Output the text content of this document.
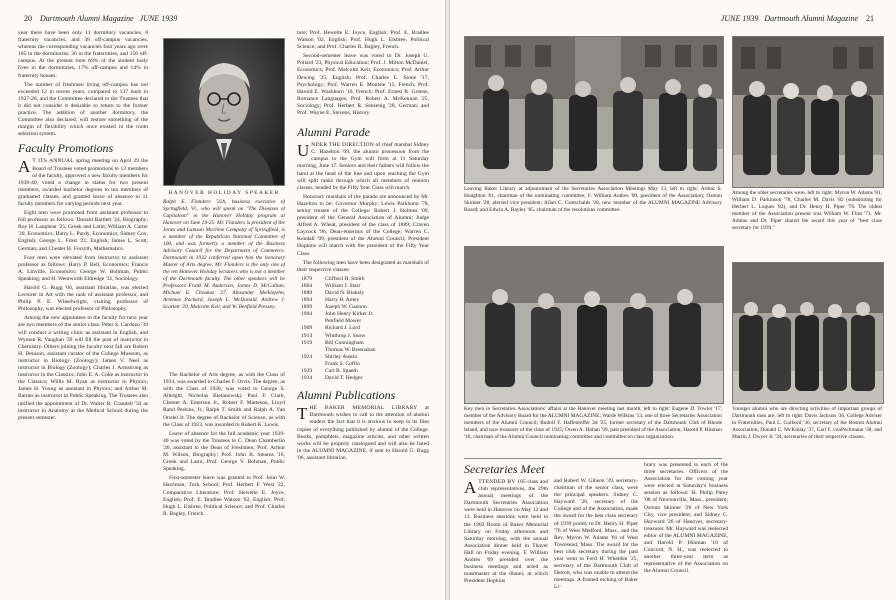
20 Dartmouth Alumni Magazine JUNE 1939

year there have been only 11 dormitory vacancies, 8 fraternity vacancies, and 38 off-campus vacancies, whereas the corresponding vacancies four years ago were 105 in the dormitories, 36 in the fraternities, and 156 off-campus. At the present time 69% of the student body lives in the dormitories, 17% off-campus and 14% in fraternity houses.

The number of freshmen living off-campus has not exceeded 12 in recent years, compared to 137 back in 1927-28, and the Committee declared to the Trustees that it did not consider it desirable to return to the former practice. The addition of another dormitory, the Committee also declared, will restore something of the margin of flexibility which once existed in the room selection system.

Faculty Promotions

A T ITS ANNUAL spring meeting on April 29 the Board of Trustees voted promotions to 12 members of the faculty, approved a new faculty members for 1939-40, voted a change in status for two present members, awarded bachelor degrees to ten members of graduated classes, and granted leave of absence to 11 faculty members for varying periods next year.

Eight men were promoted from assistant professor to full professor as follows: Donald Bartlett '24, Biography; Roy H. Lanphear '25, Greek and Latin; William A. Carter '20, Economics; Harry L. Purdy, Economics; Sidney Cox, English; George L. Frost '21, English; James L. Scott, German; and Chester H. Forsyth, Mathematics.

Four men were elevated from instructor to assistant professor as follows: Harry P. Bell, Economics; Francis A. Linville, Economics; George W. Bohman, Public Speaking; and H. Wentworth Eldredge '31, Sociology.

Harold G. Rugg '06, assistant librarian, was elected Lecturer in Art with the rank of assistant professor, and Philip P. E. Wheelwright, visiting professor of Philosophy, was elected professor of Philosophy.

Among the new appointees to the faculty for next year are two members of the senior class. Peter S. Cardozo '39 will conduct a writing clinic as assistant in English, and Wyman R. Vaughan '39 will fill the post of instructor in Chemistry. Others joining the faculty next fall are Robert H. Denison, assistant curator of the College Museum, as instructor in Biology (Zoology); James V. Neel as instructor in Biology (Zoology); Charles J. Armstrong as instructor in the Classics; John E. A. Coke as instructor in the Classics; Willis M. Ryan as instructor in Physics; James H. Young as assistant in Physics; and Arthur M. Barnes as instructor in Public Speaking. The Trustees also ratified the appointment of Dr. Walter B. Crandell '34 as instructor in Anatomy at the Medical School during the present semester.

HANOVER HOLIDAY SPEAKER
Ralph E. Flanders '32h, business executive of Springfield, Vt., who will speak on "The Diseases of Capitalism" in the Hanover Holiday program at Hanover on June 19-25. Mr. Flanders is president of the Jones and Lamson Machine Company of Springfield, is a member of the Republican National Committee of 100, and was formerly a member of the Business Advisory Council for the Department of Commerce. Dartmouth in 1932 conferred upon him the honorary Master of Arts degree. Mr. Flanders is the only one of the ten Hanover Holiday lecturers who is not a member of the Dartmouth faculty. The other speakers will be Professors Frank M. Anderson, James D. McCallum, Michael E. Choukas '27, Alexander Meiklejohn, Artemas Packard, Joseph L. McDonald, Andrew J. Scarlett '20, Malcolm Keir, and W. Benfield Pressey.

The Bachelor of Arts degree, as with the Class of 1934, was awarded to Charles F. Orvis. The degree, as with the Class of 1938, was voted to George S. Albright, Nicholas Bielanowski, Paul F. Clark, Chester A. Emerson Jr., Robert F. Matteson, Lloyd Rand Perkins, Jr., Ralph T. Smith and Ralph A. Van Orsdel Jr. The degree of Bachelor of Science, as with the Class of 1923, was awarded to Robert K. Lewis.

Leave of absence for the full academic year 1939-40 was voted by the Trustees to C. Dean Chamberlin '26, assistant to the Dean of Freshmen; Prof. Arthur M. Wilson, Biography; Prof. John B. Stearns '16, Greek and Latin; Prof. George V. Bohman, Public Speaking.

First-semester leave was granted to Prof. John W. Harriman, Tuck School; Prof. Herbert F. West '22, Comparative Literature; Prof. Hewette E. Joyce, English; Prof. E. Bradlee Watson '02, English; Prof. Hugh L. Elsbree, Political Science; and Prof. Charles R. Bagley, French.

ture; Prof. Hewette E. Joyce, English; Prof. E. Bradlee Watson '02, English; Prof. Hugh L. Elsbree, Political Science; and Prof. Charles R. Bagley, French.

Second-semester leave was voted to Dr. Joseph G. Pollard '23, Physical Education; Prof. J. Milton McDaniel, Economics; Prof. Malcolm Keir, Economics; Prof. Arthur Dewing '25, English; Prof. Charles L. Stone '17, Psychology; Prof. Warren E. Montsie '15, French; Prof. Harold E. Washburn '10, French; Prof. Ernest R. Greene, Romance Languages; Prof. Robert A. McKennan '25, Sociology; Prof. Herbert R. Sensenig '28, German; and Prof. Wayne E. Stevens, History.

Alumni Parade

UNDER THE DIRECTION of chief marshal Sidney C. Hazelton '09, the alumni procession from the campus to the Gym will form at 11 Saturday morning, June 17. Seniors and their fathers will follow the band at the head of the line and upon reaching the Gym will split ranks through which all members of reunion classes, headed by the Fifty Year Class will march.

Honorary marshals of the parade are announced by Mr. Hazelton to be: Governor Murphy; Lewis Parkhurst '78, senior trustee of the College; Robert J. Holmes '09, president of the General Association of Alumni; Judge Alfred A. Wheat, president of the class of 1889; Craven Laycock '96, Dean-emeritus of the College; Warren C. Kendall '99, president of the Alumni Council; President Hopkins will march with the president of the Fifty Year Class.

The following men have been designated as marshals of their respective classes:

1879	Clifford H. Smith
1884	William J. Starr
1889	David N. Blakely
1894	Harry B. Amey
1899	Joseph W. Gannon
1904	John Henry Kirker Jr.
Penfield Mower
1909	Richard J. Lord
1914	Winthrop J. Snow
1919	Bill Cunningham
Thomas W. Bresnahan
1924	Shirley Austin
Frank S. Coffin
1929	Carl B. Spaeth
1934	David T. Hedges
Alumni Publications

THE BAKER MEMORIAL LIBRARY at Dartmouth wishes to call to the attention of alumni readers the fact that it is anxious to keep in its files copies of everything published by alumni of the College. Books, pamphlets, magazine articles, and other written works will be properly catalogued and will also be listed in the ALUMNI MAGAZINE, if sent to Harold G. Rugg '06, assistant librarian.

JUNE 1939 Dartmouth Alumni Magazine 21
Leaving Baker Library at adjournment of the Secretaries Association Meetings May 13, left to right: Arthur S. Houghton '01, chairman of the nominating committee; F. William Andres '09, president of the Association; Osmun Skinner '28, elected vice president; Allan C. Gottschalds '28, new member of the ALUMNI MAGAZINE Advisory Board; and Edwin A. Bayley '85, chairman of the resolutions committee.
Among the older secretaries were, left to right: Myron W. Adams '81, William D. Parkinson '78, Charles M. Davis '82 (substituting for Herbert L. Luques '82), and Dr. Henry H. Piper '76. The oldest member of the Association present was William W. Flint '71. Mr. Adams and Dr. Piper shared the award this year of "best class secretary for 1939."
Key men in Secretaries Associations' affairs at the Hanover meeting last month, left to right: Eugene D. Towler '17, member of the Advisory Board for the ALUMNI MAGAZINE; Warde Wilkins '13, one of three Secretaries Association members of the Alumni Council; Rudolf F. Haffenreffer 3d '25, former secretary of the Dartmouth Club of Rhode Island, and now treasurer of the class of 1925; Owen A. Hoban '99, past president of the Association; Harold P. Hinman '10, chairman of the Alumni Council nominating committee and committee on class organization.
Younger alumni who are directing activities of important groups of Dartmouth men are, left to right: Davis Jackson '36, College Adviser to Fraternities, Paul L. Guibord '36, secretary of the Boston Alumni Association, Donald C. McKinlay '37, Carl F. vonPechmann '38, and Martin J. Dwyer Jr. '34, secretaries of their respective classes.
Secretaries Meet

ATTENDED BY 105 class and club representatives, the 29th annual meetings of the Dartmouth Secretaries Association were held in Hanover on May 12 and 13. Business sessions were held in the 1902 Room of Baker Memorial Library on Friday afternoon and Saturday morning, with the annual Association dinner held in Thayer Hall on Friday evening. F. William Andres '09 presided over the business meetings and acted as toastmaster at the dinner, at which President Hopkins

and Robert W. Gibson '39, secretary-chairman of the senior class, were the principal speakers. Sidney C. Hayward '26, secretary of the College and of the Association, made the award for the best class secretary of 1939 jointly to Dr. Henry H. Piper '76 of West Medford, Mass., and the Rev. Myron W. Adams '81 of West Townsend, Mass. The award for the best club secretary during the past year went to Ford H. Whelden '25, secretary of the Dartmouth Club of Detroit, who was unable to attend the meetings. A framed etching of Baker Li-

brary was presented to each of the three secretaries. Officers of the Association for the coming year were elected at Saturday's business session as follows: H. Philip Patey '08 of Newtonville, Mass., president; Osmun Skinner '28 of New York City, vice president; and Sidney C. Hayward '26 of Hanover, secretary-treasurer. Mr. Hayward was reelected editor of the ALUMNI MAGAZINE, and Harold P. Hinman '10 of Concord, N. H., was reelected to another three-year term as representative of the Association on the Alumni Council.
